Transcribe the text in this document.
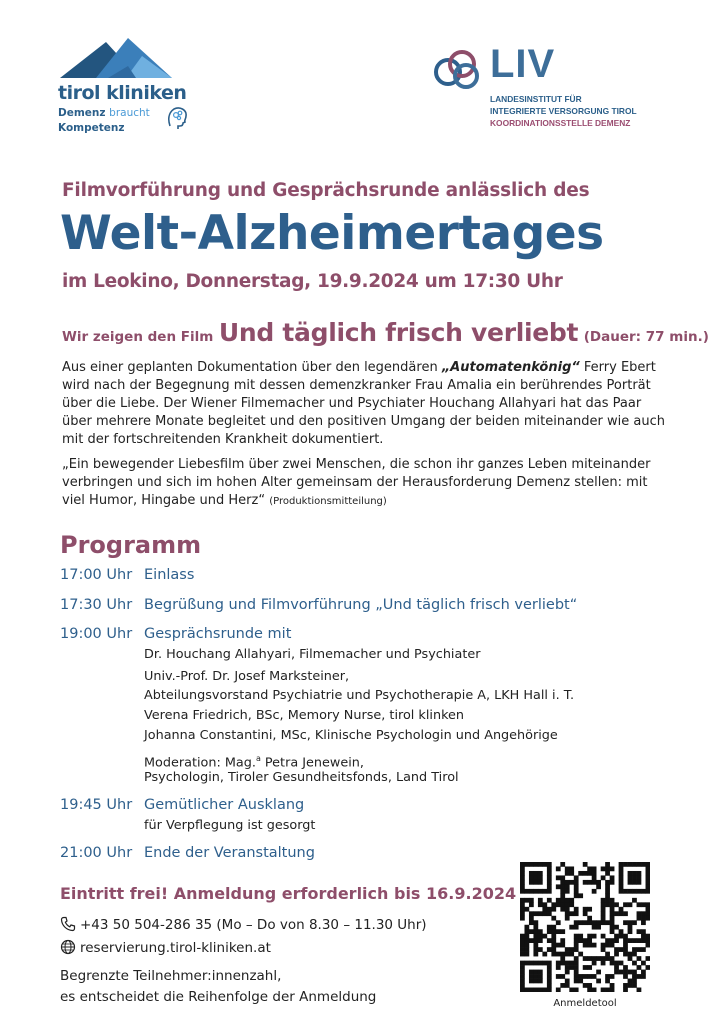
tirol kliniken
Demenz braucht
Kompetenz
LIV
LANDESINSTITUT FÜR
INTEGRIERTE VERSORGUNG TIROL
KOORDINATIONSSTELLE DEMENZ
Filmvorführung und Gesprächsrunde anlässlich des
Welt-Alzheimertages
im Leokino, Donnerstag, 19.9.2024 um 17:30 Uhr
Wir zeigen den Film Und täglich frisch verliebt (Dauer: 77 min.)

Aus einer geplanten Dokumentation über den legendären „Automatenkönig“ Ferry Ebert wird nach der Begegnung mit dessen demenzkranker Frau Amalia ein berührendes Porträt über die Liebe. Der Wiener Filmemacher und Psychiater Houchang Allahyari hat das Paar über mehrere Monate begleitet und den positiven Umgang der beiden miteinander wie auch mit der fortschreitenden Krankheit dokumentiert.

„Ein bewegender Liebesfilm über zwei Menschen, die schon ihr ganzes Leben miteinander verbringen und sich im hohen Alter gemeinsam der Herausforderung Demenz stellen: mit viel Humor, Hingabe und Herz“ (Produktionsmitteilung)

Programm
17:00 Uhr Einlass
17:30 Uhr Begrüßung und Filmvorführung „Und täglich frisch verliebt“
19:00 Uhr Gesprächsrunde mit
Dr. Houchang Allahyari, Filmemacher und Psychiater
Univ.-Prof. Dr. Josef Marksteiner,
Abteilungsvorstand Psychiatrie und Psychotherapie A, LKH Hall i. T.
Verena Friedrich, BSc, Memory Nurse, tirol klinken
Johanna Constantini, MSc, Klinische Psychologin und Angehörige
Moderation: Mag.$^a$ Petra Jenewein,
Psychologin, Tiroler Gesundheitsfonds, Land Tirol
19:45 Uhr Gemütlicher Ausklang
für Verpflegung ist gesorgt
21:00 Uhr Ende der Veranstaltung
Eintritt frei! Anmeldung erforderlich bis 16.9.2024
+43 50 504-286 35 (Mo – Do von 8.30 – 11.30 Uhr)
reservierung.tirol-kliniken.at
Begrenzte Teilnehmer:innenzahl,
es entscheidet die Reihenfolge der Anmeldung	Anmeldetool
